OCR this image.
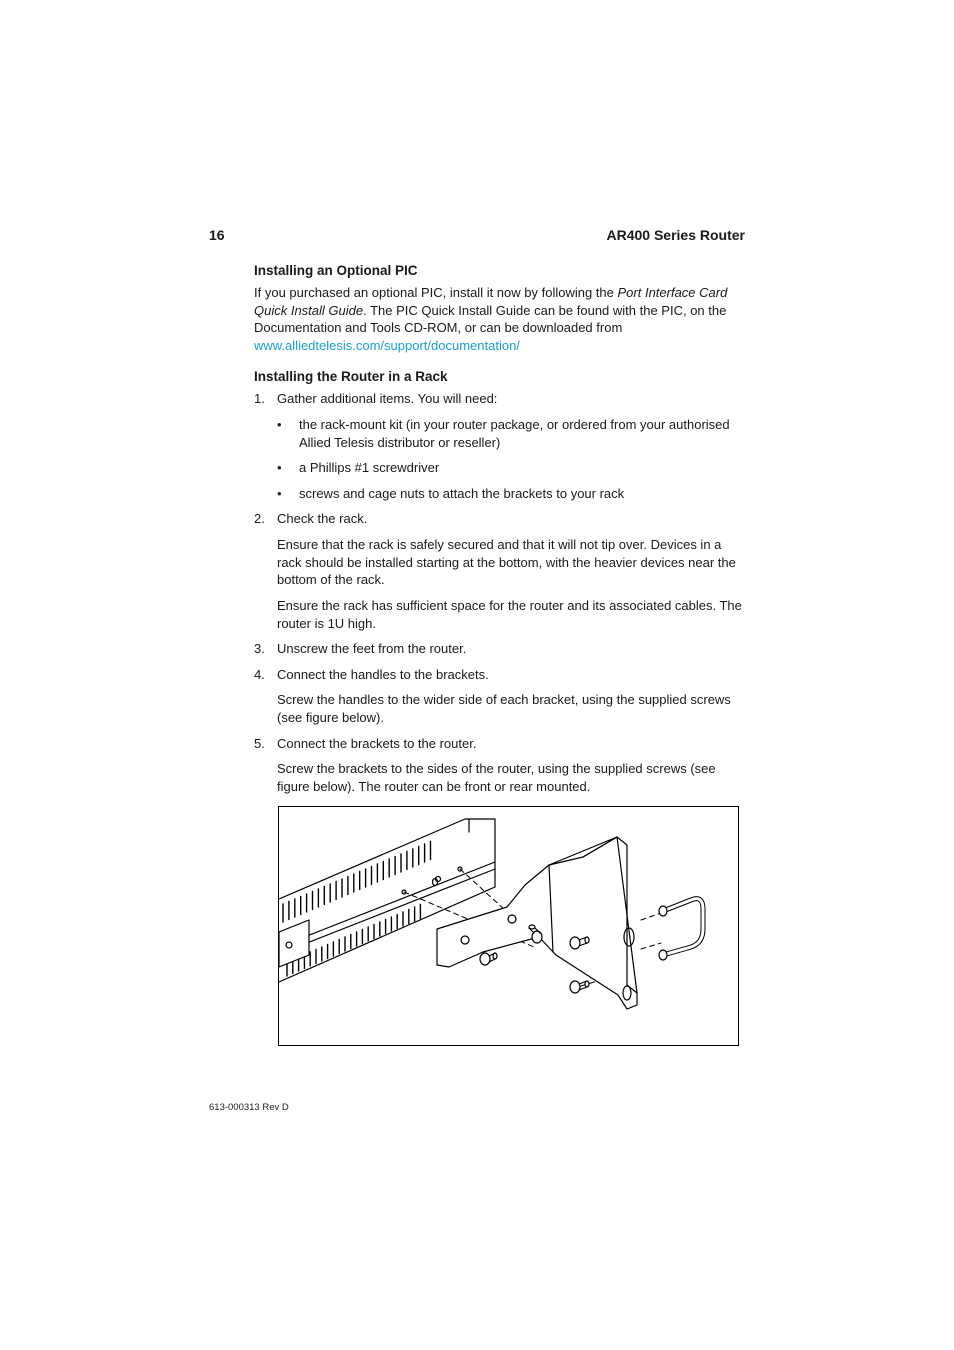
16	AR400 Series Router
Installing an Optional PIC
If you purchased an optional PIC, install it now by following the Port Interface Card Quick Install Guide. The PIC Quick Install Guide can be found with the PIC, on the Documentation and Tools CD-ROM, or can be downloaded from
www.alliedtelesis.com/support/documentation/
Installing the Router in a Rack
1. Gather additional items. You will need:
• the rack-mount kit (in your router package, or ordered from your authorised Allied Telesis distributor or reseller)
• a Phillips #1 screwdriver
• screws and cage nuts to attach the brackets to your rack
2. Check the rack.
Ensure that the rack is safely secured and that it will not tip over. Devices in a rack should be installed starting at the bottom, with the heavier devices near the bottom of the rack.
Ensure the rack has sufficient space for the router and its associated cables. The router is 1U high.
3. Unscrew the feet from the router.
4. Connect the handles to the brackets.
Screw the handles to the wider side of each bracket, using the supplied screws (see figure below).
5. Connect the brackets to the router.
Screw the brackets to the sides of the router, using the supplied screws (see figure below). The router can be front or rear mounted.
613-000313 Rev D
